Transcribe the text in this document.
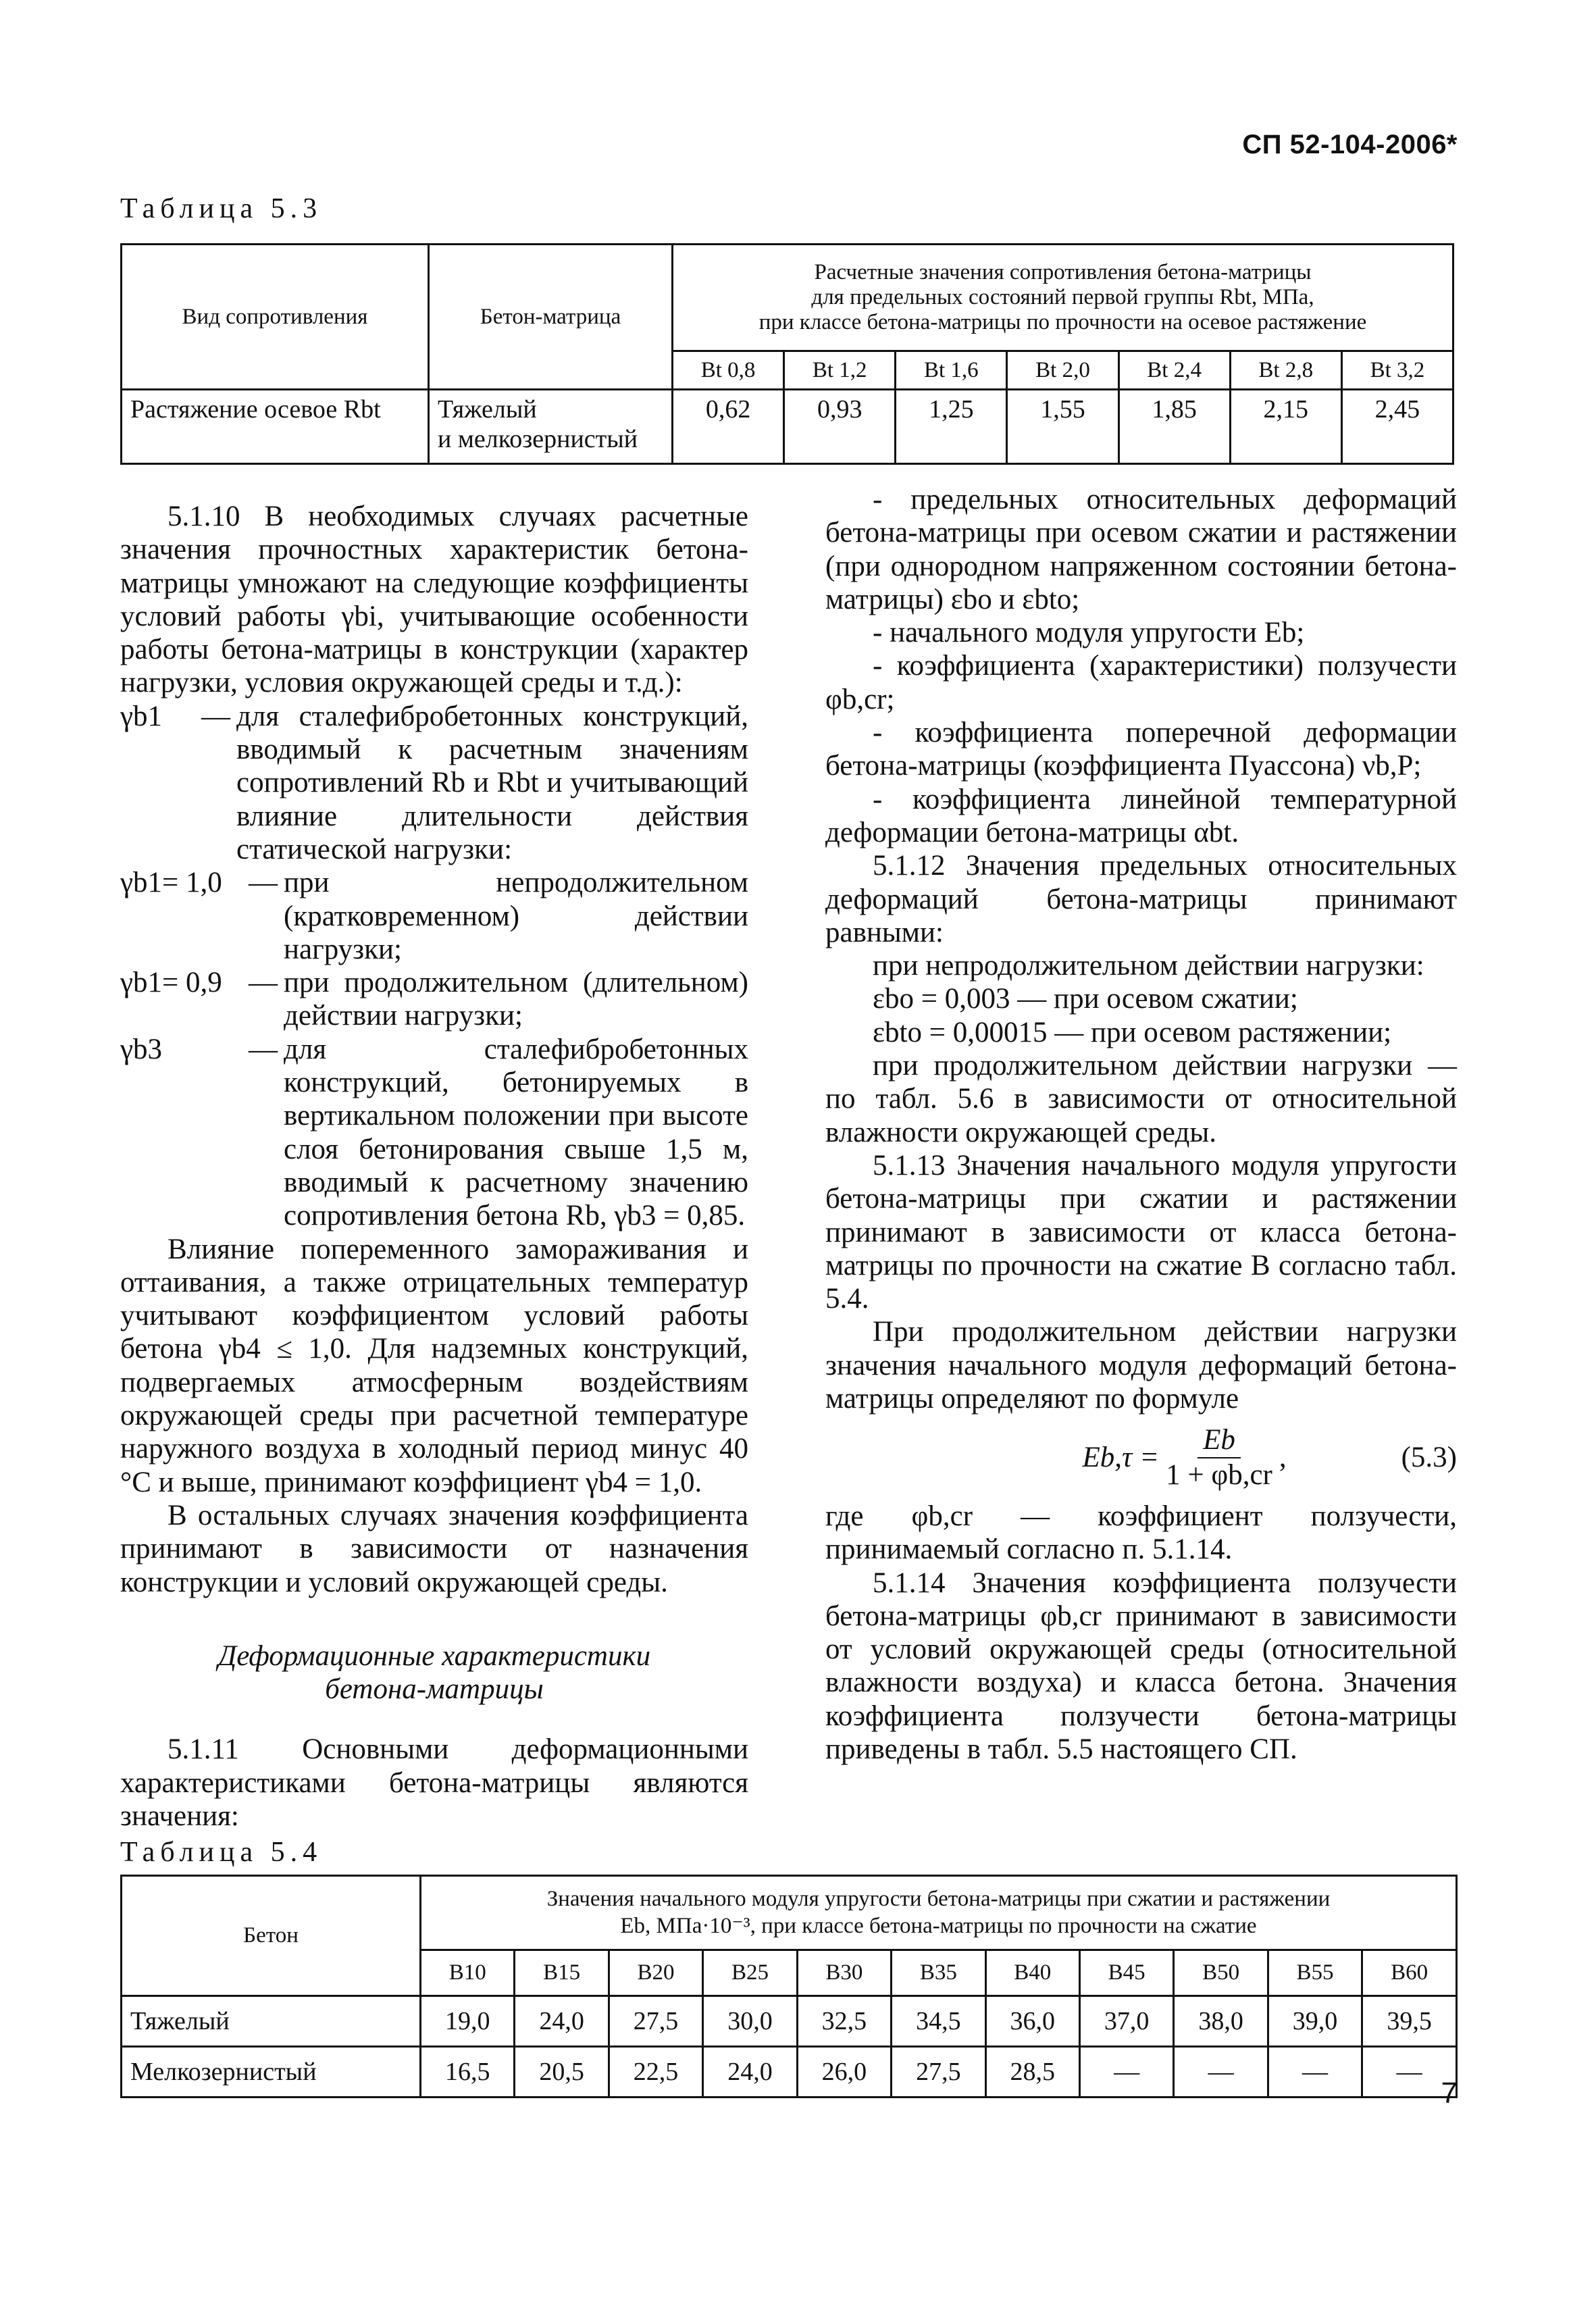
СП 52-104-2006*
Таблица 5.3
Вид сопротивления	Бетон-матрица	Расчетные значения сопротивления бетона-матрицы
для предельных состояний первой группы Rbt, МПа,
при классе бетона-матрицы по прочности на осевое растяжение						

		Bt 0,8	Bt 1,2	Bt 1,6	Bt 2,0	Bt 2,4	Bt 2,8	Bt 3,2
Растяжение осевое Rbt	Тяжелый
и мелкозернистый	0,62	0,93	1,25	1,55	1,85	2,15	2,45

5.1.10 В необходимых случаях расчетные значения прочностных характеристик бетона-матрицы умножают на следующие коэффициенты условий работы γbi, учитывающие особенности работы бетона-матрицы в конструкции (характер нагрузки, условия окружающей среды и т.д.):

γb1	— для сталефибробетонных конструкций, вводимый к расчетным значениям сопротивлений Rb и Rbt и учитывающий влияние длительности действия статической нагрузки:
γb1= 1,0 — при непродолжительном (кратковременном) действии нагрузки;
γb1= 0,9 — при продолжительном (длительном) действии нагрузки;
γb3	— для сталефибробетонных конструкций, бетонируемых в вертикальном положении при высоте слоя бетонирования свыше 1,5 м, вводимый к расчетному значению сопротивления бетона Rb, γb3 = 0,85.

Влияние попеременного замораживания и оттаивания, а также отрицательных температур учитывают коэффициентом условий работы бетона γb4 ≤ 1,0. Для надземных конструкций, подвергаемых атмосферным воздействиям окружающей среды при расчетной температуре наружного воздуха в холодный период минус 40 °С и выше, принимают коэффициент γb4 = 1,0.

В остальных случаях значения коэффициента принимают в зависимости от назначения конструкции и условий окружающей среды.

Деформационные характеристики
бетона-матрицы

5.1.11 Основными деформационными характеристиками бетона-матрицы являются значения:

- предельных относительных деформаций бетона-матрицы при осевом сжатии и растяжении (при однородном напряженном состоянии бетона-матрицы) εbo и εbto;

- начального модуля упругости Eb;

- коэффициента (характеристики) ползучести φb,cr;

- коэффициента поперечной деформации бетона-матрицы (коэффициента Пуассона) νb,P;

- коэффициента линейной температурной деформации бетона-матрицы αbt.

5.1.12 Значения предельных относительных деформаций бетона-матрицы принимают равными:

при непродолжительном действии нагрузки:

εbo = 0,003 — при осевом сжатии;

εbto = 0,00015 — при осевом растяжении;

при продолжительном действии нагрузки — по табл. 5.6 в зависимости от относительной влажности окружающей среды.

5.1.13 Значения начального модуля упругости бетона-матрицы при сжатии и растяжении принимают в зависимости от класса бетона-матрицы по прочности на сжатие B согласно табл. 5.4.

При продолжительном действии нагрузки значения начального модуля деформаций бетона-матрицы определяют по формуле

$Eb,\tau = \frac{Eb}{1 + \varphi b,cr}$ ,	(5.3)

где φb,cr — коэффициент ползучести, принимаемый согласно п. 5.1.14.

5.1.14 Значения коэффициента ползучести бетона-матрицы φb,cr принимают в зависимости от условий окружающей среды (относительной влажности воздуха) и класса бетона. Значения коэффициента ползучести бетона-матрицы приведены в табл. 5.5 настоящего СП.

Таблица 5.4
Бетон	Значения начального модуля упругости бетона-матрицы при сжатии и растяжении
Eb, МПа·10⁻³, при классе бетона-матрицы по прочности на сжатие										

	B10	B15	B20	B25	B30	B35	B40	B45	B50	B55	B60
Тяжелый	19,0	24,0	27,5	30,0	32,5	34,5	36,0	37,0	38,0	39,0	39,5
Мелкозернистый	16,5	20,5	22,5	24,0	26,0	27,5	28,5	—	—	—	—
7
